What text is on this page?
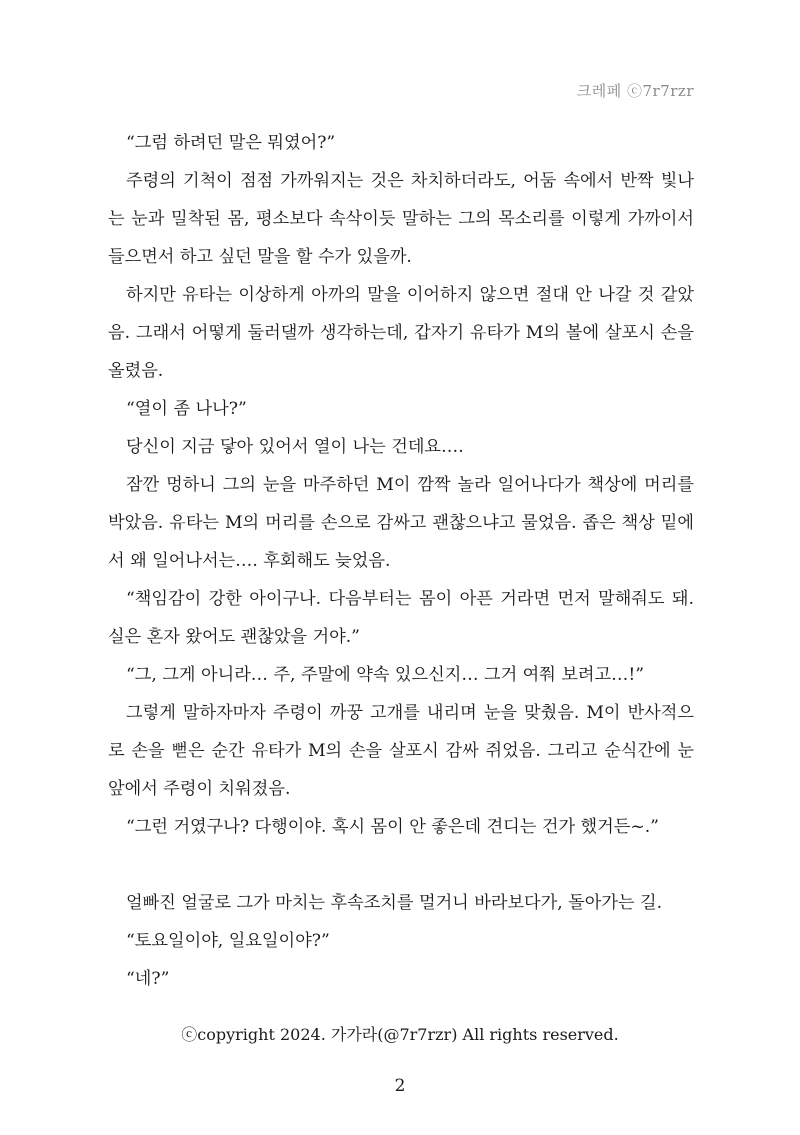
크레페 ⓒ7r7rzr

“그럼 하려던 말은 뭐였어?”

주령의 기척이 점점 가까워지는 것은 차치하더라도, 어둠 속에서 반짝 빛나는 눈과 밀착된 몸, 평소보다 속삭이듯 말하는 그의 목소리를 이렇게 가까이서 들으면서 하고 싶던 말을 할 수가 있을까.

하지만 유타는 이상하게 아까의 말을 이어하지 않으면 절대 안 나갈 것 같았음. 그래서 어떻게 둘러댈까 생각하는데, 갑자기 유타가 M의 볼에 살포시 손을 올렸음.

“열이 좀 나나?”

당신이 지금 닿아 있어서 열이 나는 건데요….

잠깐 멍하니 그의 눈을 마주하던 M이 깜짝 놀라 일어나다가 책상에 머리를 박았음. 유타는 M의 머리를 손으로 감싸고 괜찮으냐고 물었음. 좁은 책상 밑에서 왜 일어나서는…. 후회해도 늦었음.

“책임감이 강한 아이구나. 다음부터는 몸이 아픈 거라면 먼저 말해줘도 돼. 실은 혼자 왔어도 괜찮았을 거야.”

“그, 그게 아니라… 주, 주말에 약속 있으신지… 그거 여쭤 보려고…!”

그렇게 말하자마자 주령이 까꿍 고개를 내리며 눈을 맞췄음. M이 반사적으로 손을 뻗은 순간 유타가 M의 손을 살포시 감싸 쥐었음. 그리고 순식간에 눈앞에서 주령이 치워졌음.

“그런 거였구나? 다행이야. 혹시 몸이 안 좋은데 견디는 건가 했거든~.”

얼빠진 얼굴로 그가 마치는 후속조치를 멀거니 바라보다가, 돌아가는 길.

“토요일이야, 일요일이야?”

“네?”

ⓒcopyright 2024. 가가라(@7r7rzr) All rights reserved.
2
